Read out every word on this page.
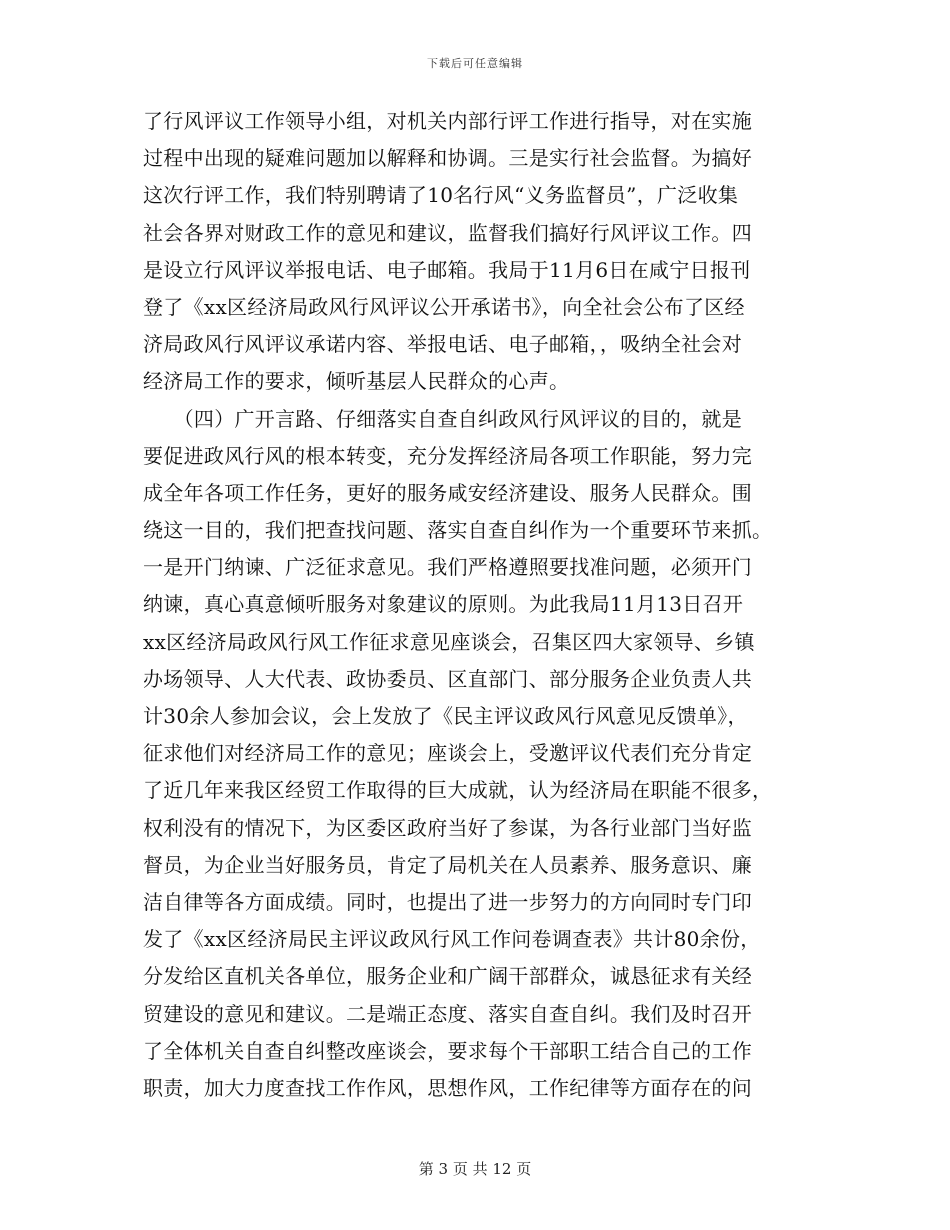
下载后可任意编辑
了行风评议工作领导小组，对机关内部行评工作进行指导，对在实施
过程中出现的疑难问题加以解释和协调。三是实行社会监督。为搞好
这次行评工作，我们特别聘请了10名行风“义务监督员”，广泛收集
社会各界对财政工作的意见和建议，监督我们搞好行风评议工作。四
是设立行风评议举报电话、电子邮箱。我局于11月6日在咸宁日报刊
登了《xx区经济局政风行风评议公开承诺书》，向全社会公布了区经
济局政风行风评议承诺内容、举报电话、电子邮箱，，吸纳全社会对
经济局工作的要求，倾听基层人民群众的心声。
　　（四）广开言路、仔细落实自查自纠政风行风评议的目的，就是
要促进政风行风的根本转变，充分发挥经济局各项工作职能，努力完
成全年各项工作任务，更好的服务咸安经济建设、服务人民群众。围
绕这一目的，我们把查找问题、落实自查自纠作为一个重要环节来抓。
一是开门纳谏、广泛征求意见。我们严格遵照要找准问题，必须开门
纳谏，真心真意倾听服务对象建议的原则。为此我局11月13日召开
xx区经济局政风行风工作征求意见座谈会，召集区四大家领导、乡镇
办场领导、人大代表、政协委员、区直部门、部分服务企业负责人共
计30余人参加会议，会上发放了《民主评议政风行风意见反馈单》，
征求他们对经济局工作的意见；座谈会上，受邀评议代表们充分肯定
了近几年来我区经贸工作取得的巨大成就，认为经济局在职能不很多，
权利没有的情况下，为区委区政府当好了参谋，为各行业部门当好监
督员，为企业当好服务员，肯定了局机关在人员素养、服务意识、廉
洁自律等各方面成绩。同时，也提出了进一步努力的方向同时专门印
发了《xx区经济局民主评议政风行风工作问卷调查表》共计80余份，
分发给区直机关各单位，服务企业和广阔干部群众，诚恳征求有关经
贸建设的意见和建议。二是端正态度、落实自查自纠。我们及时召开
了全体机关自查自纠整改座谈会，要求每个干部职工结合自己的工作
职责，加大力度查找工作作风，思想作风，工作纪律等方面存在的问
第 3 页 共 12 页
